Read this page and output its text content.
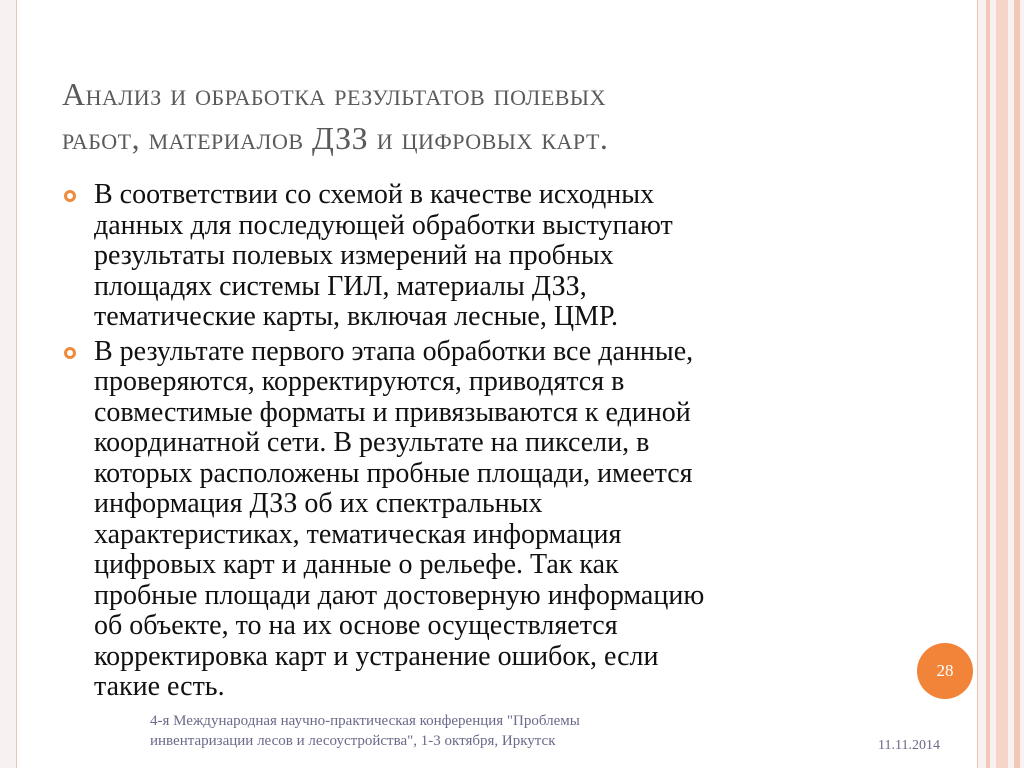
Анализ и обработка результатов полевых
работ, материалов ДЗЗ и цифровых карт.
В соответствии со схемой в качестве исходных
данных для последующей обработки выступают
результаты полевых измерений на пробных
площадях системы ГИЛ, материалы ДЗЗ,
тематические карты, включая лесные, ЦМР.
В результате первого этапа обработки все данные,
проверяются, корректируются, приводятся в
совместимые форматы и привязываются к единой
координатной сети. В результате на пиксели, в
которых расположены пробные площади, имеется
информация ДЗЗ об их спектральных
характеристиках, тематическая информация
цифровых карт и данные о рельефе. Так как
пробные площади дают достоверную информацию
об объекте, то на их основе осуществляется
корректировка карт и устранение ошибок, если
такие есть.
28
4-я Международная научно-практическая конференция "Проблемы
инвентаризации лесов и лесоустройства", 1-3 октября, Иркутск	11.11.2014
